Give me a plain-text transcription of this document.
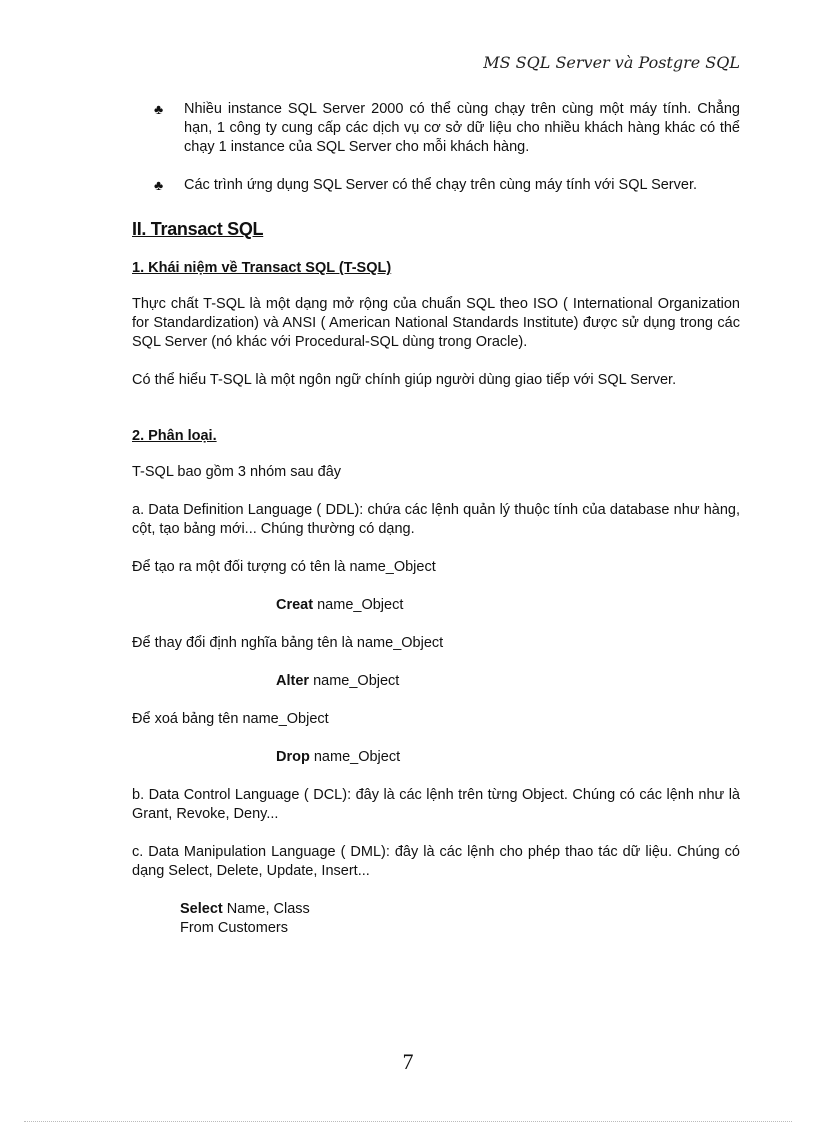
MS SQL Server và Postgre SQL
♣ Nhiều instance SQL Server 2000 có thể cùng chạy trên cùng một máy tính. Chẳng hạn, 1 công ty cung cấp các dịch vụ cơ sở dữ liệu cho nhiều khách hàng khác có thể chạy 1 instance của SQL Server cho mỗi khách hàng.
♣ Các trình ứng dụng SQL Server có thể chạy trên cùng máy tính với SQL Server.
II. Transact SQL
1. Khái niệm về Transact SQL (T-SQL)

Thực chất T-SQL là một dạng mở rộng của chuẩn SQL theo ISO ( International Organization for Standardization) và ANSI ( American National Standards Institute) được sử dụng trong các SQL Server (nó khác với Procedural-SQL dùng trong Oracle).

Có thể hiểu T-SQL là một ngôn ngữ chính giúp người dùng giao tiếp với SQL Server.

2. Phân loại.

T-SQL bao gồm 3 nhóm sau đây

a. Data Definition Language ( DDL): chứa các lệnh quản lý thuộc tính của database như hàng, cột, tạo bảng mới... Chúng thường có dạng.

Để tạo ra một đối tượng có tên là name_Object

Creat name_Object

Để thay đổi định nghĩa bảng tên là name_Object

Alter name_Object

Để xoá bảng tên name_Object

Drop name_Object

b. Data Control Language ( DCL): đây là các lệnh trên từng Object. Chúng có các lệnh như là Grant, Revoke, Deny...

c. Data Manipulation Language ( DML): đây là các lệnh cho phép thao tác dữ liệu. Chúng có dạng Select, Delete, Update, Insert...

Select Name, Class
From Customers
7
